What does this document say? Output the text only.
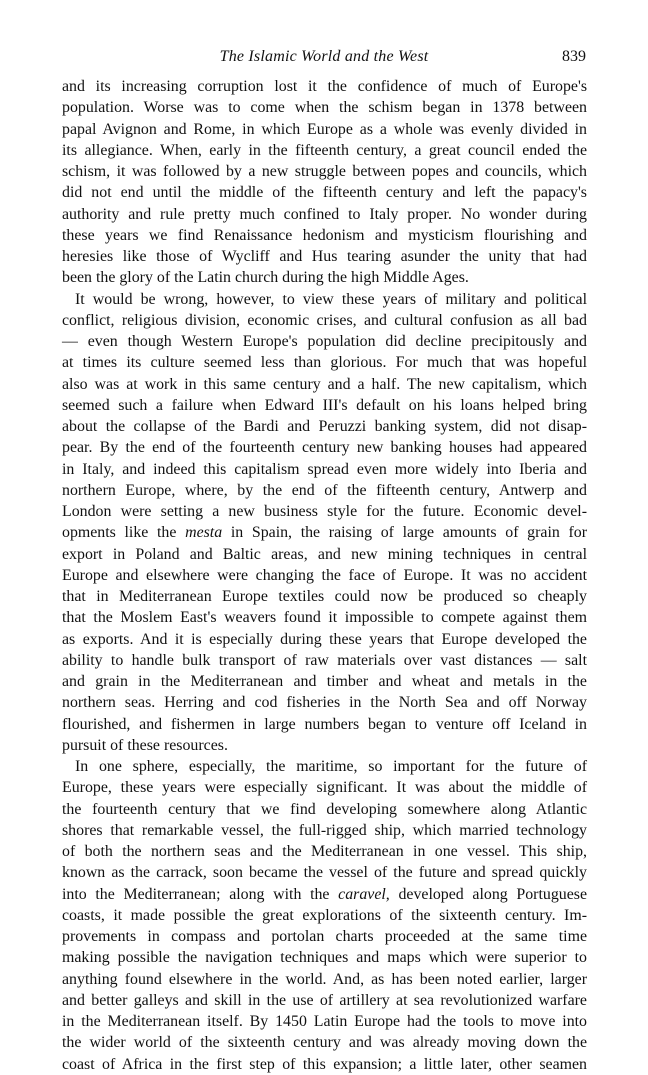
The Islamic World and the West	839
and its increasing corruption lost it the confidence of much of Europe's
population. Worse was to come when the schism began in 1378 between
papal Avignon and Rome, in which Europe as a whole was evenly divided in
its allegiance. When, early in the fifteenth century, a great council ended the
schism, it was followed by a new struggle between popes and councils, which
did not end until the middle of the fifteenth century and left the papacy's
authority and rule pretty much confined to Italy proper. No wonder during
these years we find Renaissance hedonism and mysticism flourishing and
heresies like those of Wycliff and Hus tearing asunder the unity that had
been the glory of the Latin church during the high Middle Ages.
It would be wrong, however, to view these years of military and political
conflict, religious division, economic crises, and cultural confusion as all bad
— even though Western Europe's population did decline precipitously and
at times its culture seemed less than glorious. For much that was hopeful
also was at work in this same century and a half. The new capitalism, which
seemed such a failure when Edward III's default on his loans helped bring
about the collapse of the Bardi and Peruzzi banking system, did not disap-
pear. By the end of the fourteenth century new banking houses had appeared
in Italy, and indeed this capitalism spread even more widely into Iberia and
northern Europe, where, by the end of the fifteenth century, Antwerp and
London were setting a new business style for the future. Economic devel-
opments like the mesta in Spain, the raising of large amounts of grain for
export in Poland and Baltic areas, and new mining techniques in central
Europe and elsewhere were changing the face of Europe. It was no accident
that in Mediterranean Europe textiles could now be produced so cheaply
that the Moslem East's weavers found it impossible to compete against them
as exports. And it is especially during these years that Europe developed the
ability to handle bulk transport of raw materials over vast distances — salt
and grain in the Mediterranean and timber and wheat and metals in the
northern seas. Herring and cod fisheries in the North Sea and off Norway
flourished, and fishermen in large numbers began to venture off Iceland in
pursuit of these resources.
In one sphere, especially, the maritime, so important for the future of
Europe, these years were especially significant. It was about the middle of
the fourteenth century that we find developing somewhere along Atlantic
shores that remarkable vessel, the full-rigged ship, which married technology
of both the northern seas and the Mediterranean in one vessel. This ship,
known as the carrack, soon became the vessel of the future and spread quickly
into the Mediterranean; along with the caravel, developed along Portuguese
coasts, it made possible the great explorations of the sixteenth century. Im-
provements in compass and portolan charts proceeded at the same time
making possible the navigation techniques and maps which were superior to
anything found elsewhere in the world. And, as has been noted earlier, larger
and better galleys and skill in the use of artillery at sea revolutionized warfare
in the Mediterranean itself. By 1450 Latin Europe had the tools to move into
the wider world of the sixteenth century and was already moving down the
coast of Africa in the first step of this expansion; a little later, other seamen
